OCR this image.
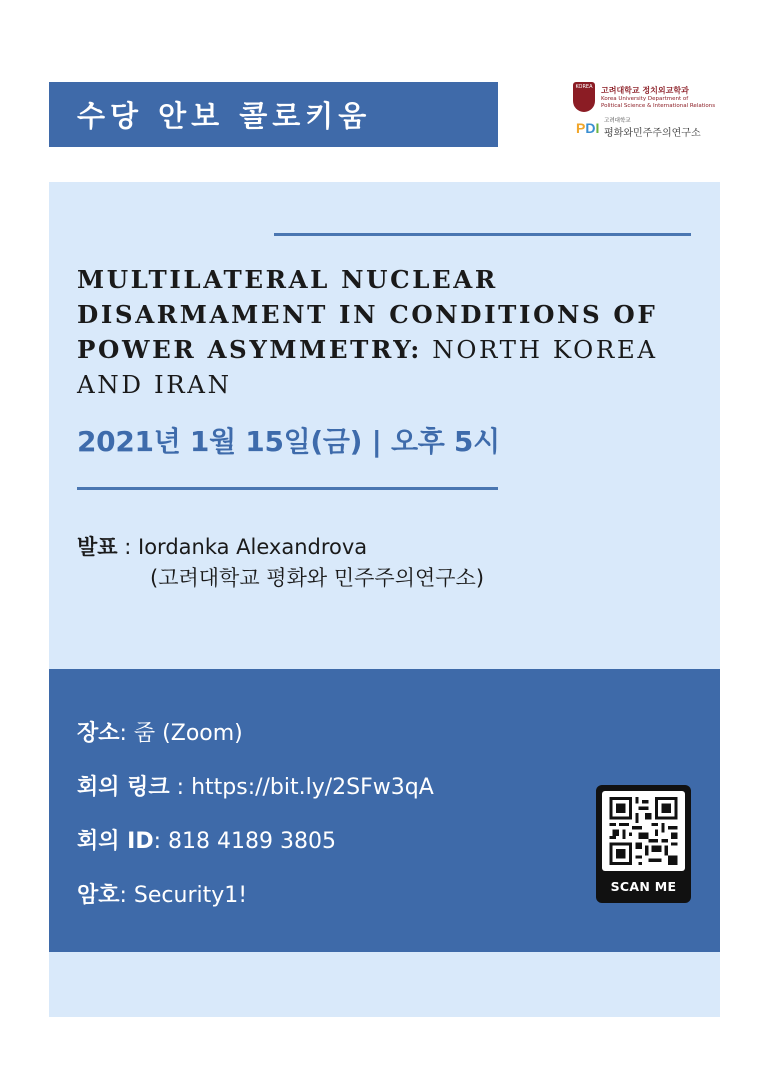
수당 안보 콜로키움
KOREA	고려대학교 정치외교학과
Korea University Department of
Political Science & International Relations
P D I 고려대학교
평화와민주주의연구소
MULTILATERAL NUCLEAR DISARMAMENT IN CONDITIONS OF POWER ASYMMETRY: NORTH KOREA AND IRAN
2021년 1월 15일(금) | 오후 5시
발표 : Iordanka Alexandrova
(고려대학교 평화와 민주주의연구소)
장소: 줌 (Zoom)
회의 링크 : https://bit.ly/2SFw3qA
회의 ID: 818 4189 3805
암호: Security1!	SCAN ME
